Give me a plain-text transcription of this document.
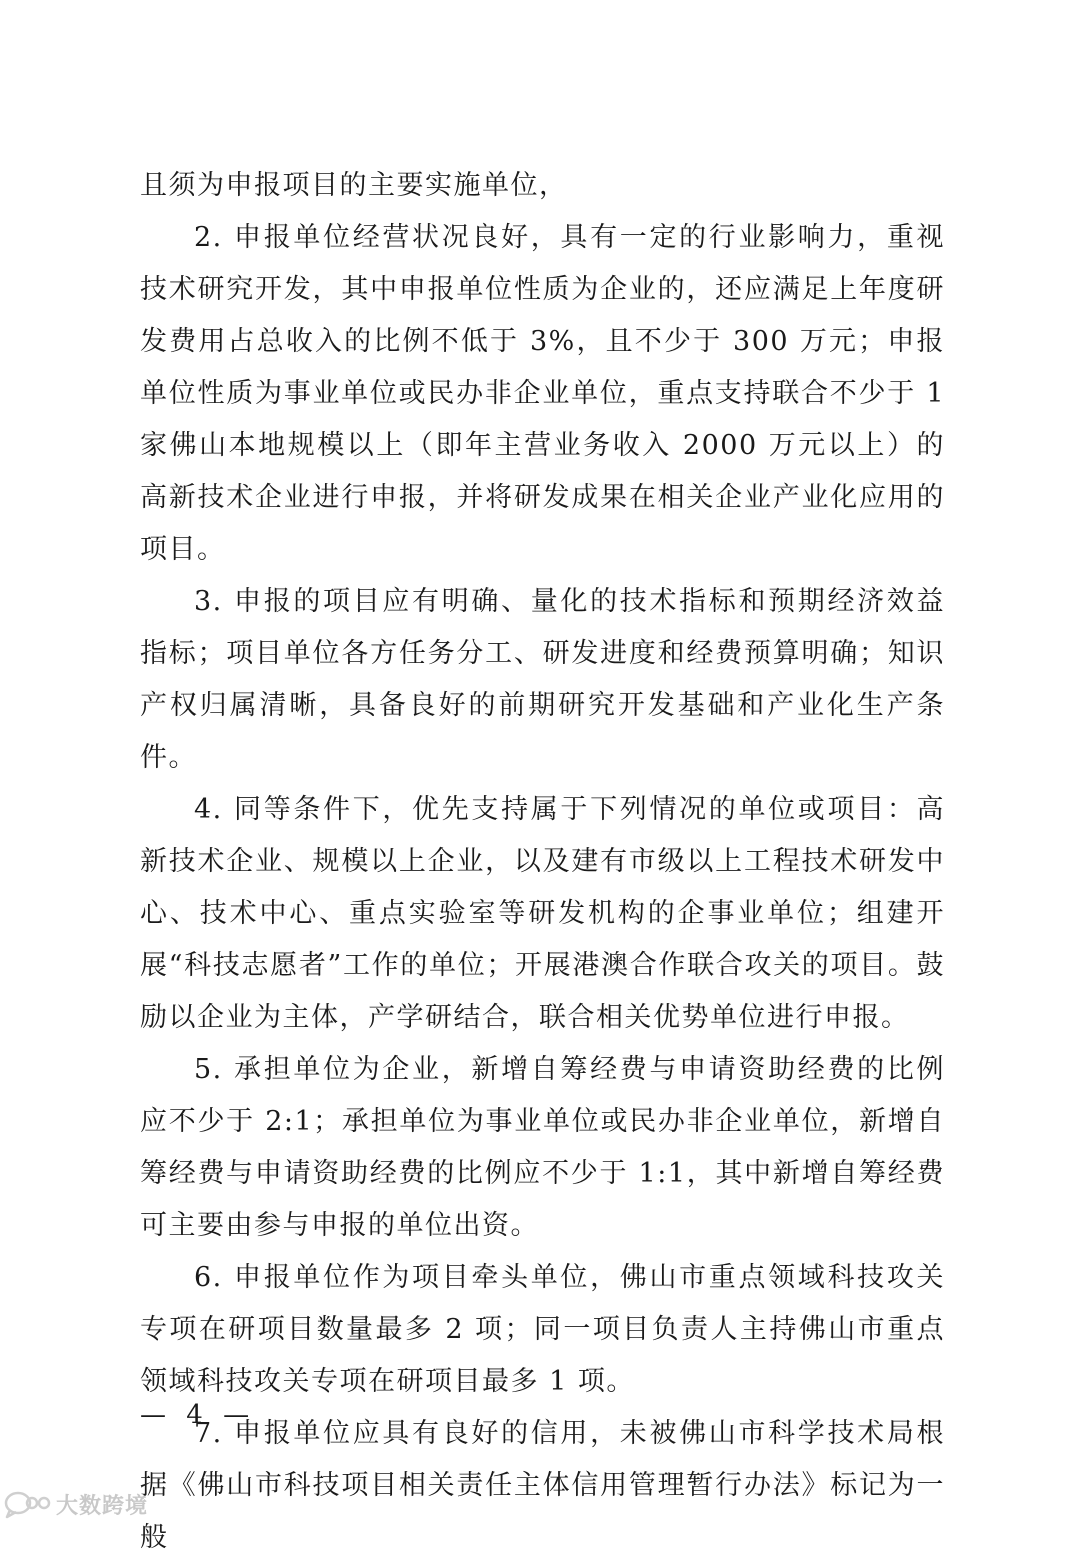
且须为申报项目的主要实施单位，

2. 申报单位经营状况良好，具有一定的行业影响力，重视技术研究开发，其中申报单位性质为企业的，还应满足上年度研发费用占总收入的比例不低于 3%，且不少于 300 万元；申报单位性质为事业单位或民办非企业单位，重点支持联合不少于 1 家佛山本地规模以上（即年主营业务收入 2000 万元以上）的高新技术企业进行申报，并将研发成果在相关企业产业化应用的项目。

3. 申报的项目应有明确、量化的技术指标和预期经济效益指标；项目单位各方任务分工、研发进度和经费预算明确；知识产权归属清晰，具备良好的前期研究开发基础和产业化生产条件。

4. 同等条件下，优先支持属于下列情况的单位或项目：高新技术企业、规模以上企业，以及建有市级以上工程技术研发中心、技术中心、重点实验室等研发机构的企事业单位；组建开展“科技志愿者”工作的单位；开展港澳合作联合攻关的项目。鼓励以企业为主体，产学研结合，联合相关优势单位进行申报。

5. 承担单位为企业，新增自筹经费与申请资助经费的比例应不少于 2:1；承担单位为事业单位或民办非企业单位，新增自筹经费与申请资助经费的比例应不少于 1:1，其中新增自筹经费可主要由参与申报的单位出资。

6. 申报单位作为项目牵头单位，佛山市重点领域科技攻关专项在研项目数量最多 2 项；同一项目负责人主持佛山市重点领域科技攻关专项在研项目最多 1 项。

7. 申报单位应具有良好的信用，未被佛山市科学技术局根据《佛山市科技项目相关责任主体信用管理暂行办法》标记为一般

— 4 —
大数跨境
